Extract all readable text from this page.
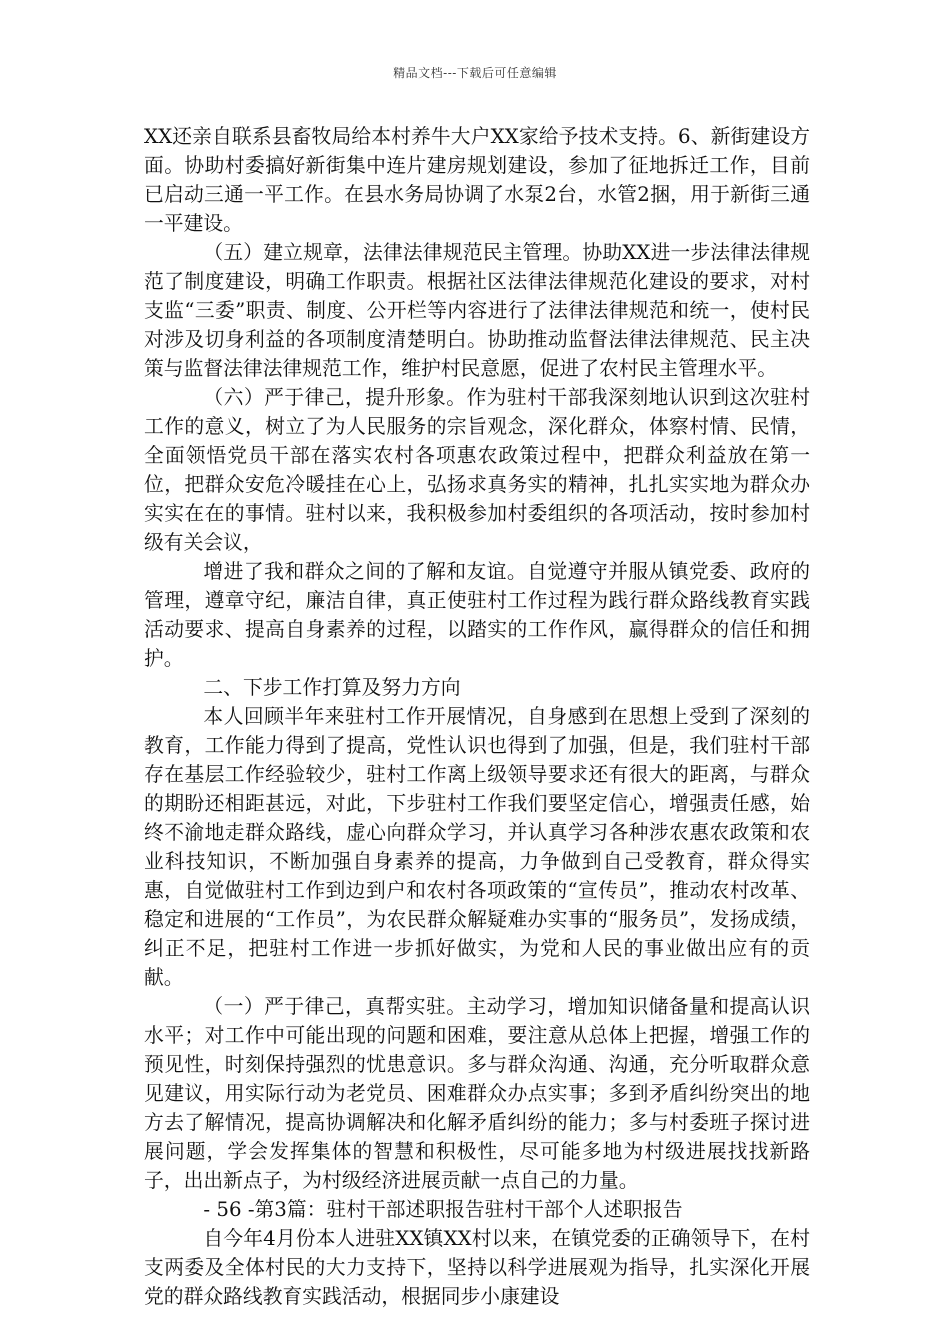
精品文档---下载后可任意编辑

XX还亲自联系县畜牧局给本村养牛大户XX家给予技术支持。6、新街建设方面。协助村委搞好新街集中连片建房规划建设，参加了征地拆迁工作，目前已启动三通一平工作。在县水务局协调了水泵2台，水管2捆，用于新街三通一平建设。

（五）建立规章，法律法律规范民主管理。协助XX进一步法律法律规范了制度建设，明确工作职责。根据社区法律法律规范化建设的要求，对村支监“三委”职责、制度、公开栏等内容进行了法律法律规范和统一，使村民对涉及切身利益的各项制度清楚明白。协助推动监督法律法律规范、民主决策与监督法律法律规范工作，维护村民意愿，促进了农村民主管理水平。

（六）严于律己，提升形象。作为驻村干部我深刻地认识到这次驻村工作的意义，树立了为人民服务的宗旨观念，深化群众，体察村情、民情，全面领悟党员干部在落实农村各项惠农政策过程中，把群众利益放在第一位，把群众安危冷暖挂在心上，弘扬求真务实的精神，扎扎实实地为群众办实实在在的事情。驻村以来，我积极参加村委组织的各项活动，按时参加村级有关会议，

增进了我和群众之间的了解和友谊。自觉遵守并服从镇党委、政府的管理，遵章守纪，廉洁自律，真正使驻村工作过程为践行群众路线教育实践活动要求、提高自身素养的过程，以踏实的工作作风，赢得群众的信任和拥护。

二、下步工作打算及努力方向

本人回顾半年来驻村工作开展情况，自身感到在思想上受到了深刻的教育，工作能力得到了提高，党性认识也得到了加强，但是，我们驻村干部存在基层工作经验较少，驻村工作离上级领导要求还有很大的距离，与群众的期盼还相距甚远，对此，下步驻村工作我们要坚定信心，增强责任感，始终不渝地走群众路线，虚心向群众学习，并认真学习各种涉农惠农政策和农业科技知识，不断加强自身素养的提高，力争做到自己受教育，群众得实惠，自觉做驻村工作到边到户和农村各项政策的“宣传员”，推动农村改革、稳定和进展的“工作员”，为农民群众解疑难办实事的“服务员”，发扬成绩，纠正不足，把驻村工作进一步抓好做实，为党和人民的事业做出应有的贡献。

（一）严于律己，真帮实驻。主动学习，增加知识储备量和提高认识水平；对工作中可能出现的问题和困难，要注意从总体上把握，增强工作的预见性，时刻保持强烈的忧患意识。多与群众沟通、沟通，充分听取群众意见建议，用实际行动为老党员、困难群众办点实事；多到矛盾纠纷突出的地方去了解情况，提高协调解决和化解矛盾纠纷的能力；多与村委班子探讨进展问题，学会发挥集体的智慧和积极性，尽可能多地为村级进展找找新路子，出出新点子，为村级经济进展贡献一点自己的力量。

- 56 -第3篇：驻村干部述职报告驻村干部个人述职报告

自今年4月份本人进驻XX镇XX村以来，在镇党委的正确领导下，在村支两委及全体村民的大力支持下，坚持以科学进展观为指导，扎实深化开展党的群众路线教育实践活动，根据同步小康建设
